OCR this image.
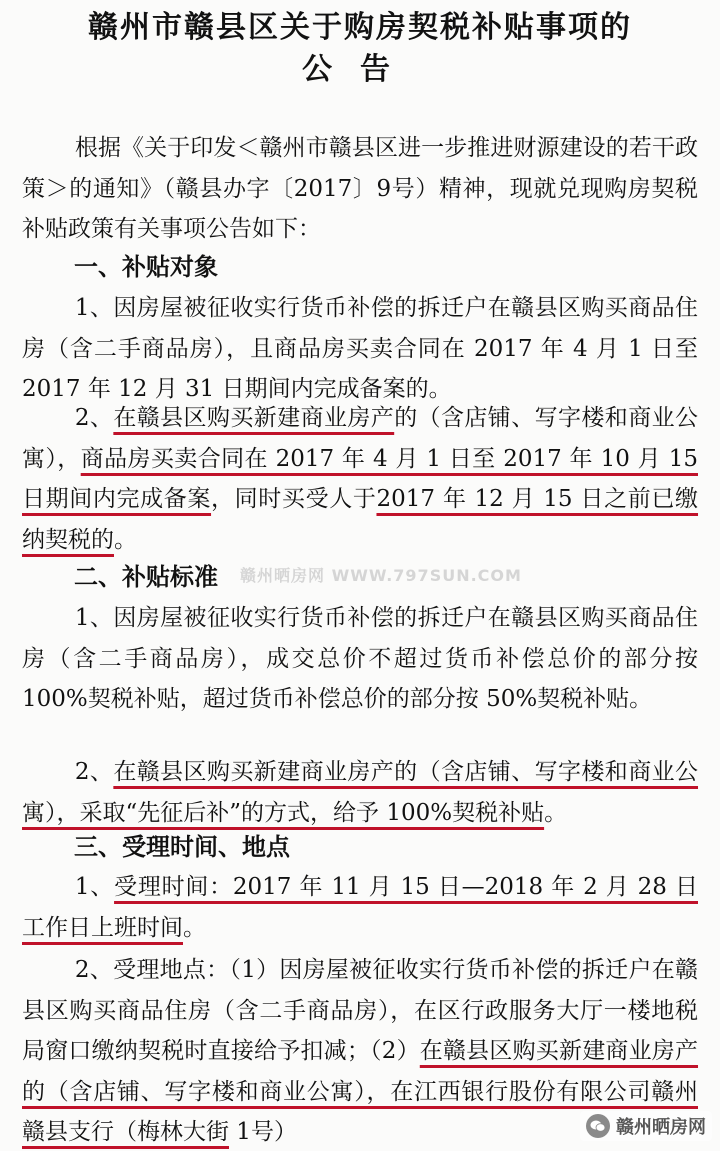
赣州市赣县区关于购房契税补贴事项的
公告
根据《关于印发＜赣州市赣县区进一步推进财源建设的若干政策＞的通知》（赣县办字〔2017〕9号）精神，现就兑现购房契税补贴政策有关事项公告如下：
一、补贴对象
1、因房屋被征收实行货币补偿的拆迁户在赣县区购买商品住房（含二手商品房），且商品房买卖合同在 2017 年 4 月 1 日至 2017 年 12 月 31 日期间内完成备案的。
2、在赣县区购买新建商业房产的（含店铺、写字楼和商业公寓），商品房买卖合同在 2017 年 4 月 1 日至 2017 年 10 月 15 日期间内完成备案，同时买受人于2017 年 12 月 15 日之前已缴纳契税的。
二、补贴标准
1、因房屋被征收实行货币补偿的拆迁户在赣县区购买商品住房（含二手商品房），成交总价不超过货币补偿总价的部分按 100%契税补贴，超过货币补偿总价的部分按 50%契税补贴。
2、在赣县区购买新建商业房产的（含店铺、写字楼和商业公寓），采取“先征后补”的方式，给予 100%契税补贴。
三、受理时间、地点
1、受理时间：2017 年 11 月 15 日—2018 年 2 月 28 日工作日上班时间。
2、受理地点：（1）因房屋被征收实行货币补偿的拆迁户在赣县区购买商品住房（含二手商品房），在区行政服务大厅一楼地税局窗口缴纳契税时直接给予扣减；（2）在赣县区购买新建商业房产的（含店铺、写字楼和商业公寓），在江西银行股份有限公司赣州赣县支行（梅林大街 1号）
赣州晒房网 WWW.797SUN.COM
赣州晒房网
